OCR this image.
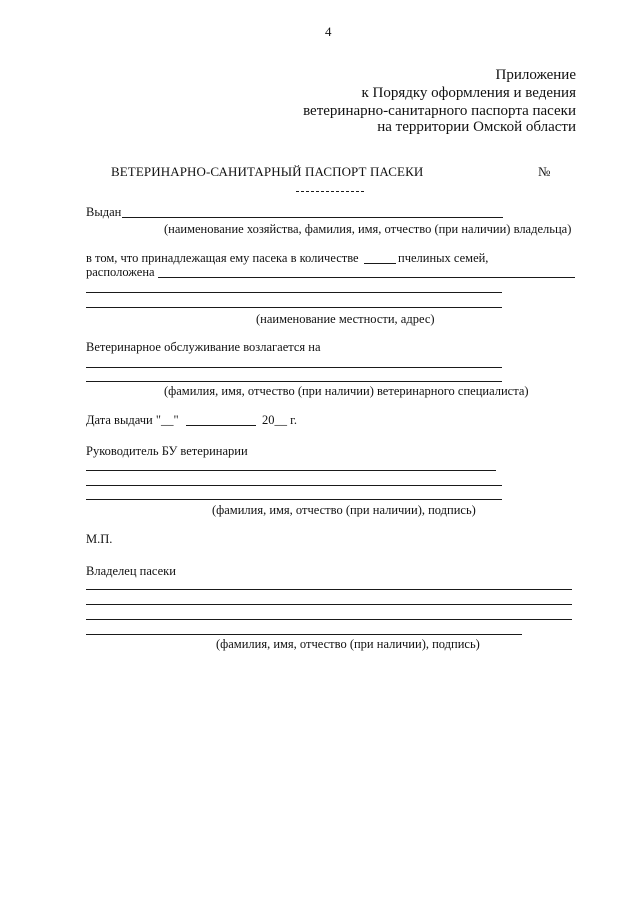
4
Приложение
к Порядку оформления и ведения
ветеринарно-санитарного паспорта пасеки
на территории Омской области
ВЕТЕРИНАРНО-САНИТАРНЫЙ ПАСПОРТ ПАСЕКИ	№
Выдан
(наименование хозяйства, фамилия, имя, отчество (при наличии) владельца)
в том, что принадлежащая ему пасека в количестве	пчелиных семей,
расположена
(наименование местности, адрес)
Ветеринарное обслуживание возлагается на
(фамилия, имя, отчество (при наличии) ветеринарного специалиста)
Дата выдачи "__"	20__ г.
Руководитель БУ ветеринарии
(фамилия, имя, отчество (при наличии), подпись)
М.П.
Владелец пасеки
(фамилия, имя, отчество (при наличии), подпись)
